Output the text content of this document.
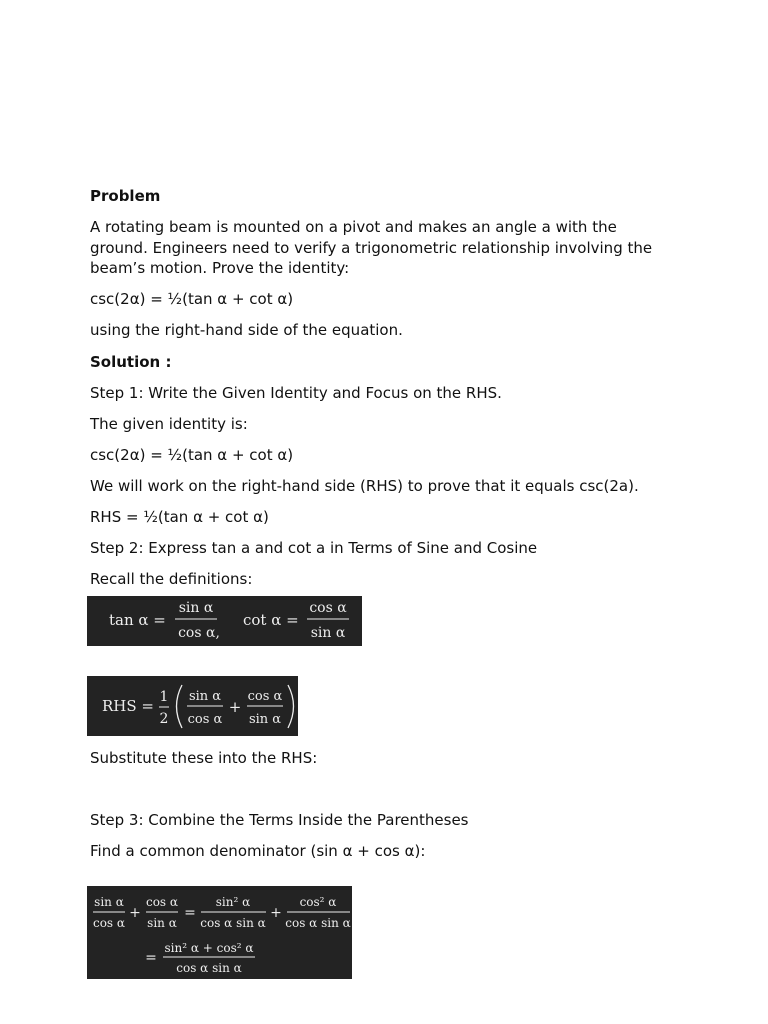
Problem
A rotating beam is mounted on a pivot and makes an angle a with the ground. Engineers need to verify a trigonometric relationship involving the beam’s motion. Prove the identity:
csc(2α) = ½(tan α + cot α)
using the right-hand side of the equation.
Solution :
Step 1: Write the Given Identity and Focus on the RHS.
The given identity is:
csc(2α) = ½(tan α + cot α)
We will work on the right-hand side (RHS) to prove that it equals csc(2a).
RHS = ½(tan α + cot α)
Step 2: Express tan a and cot a in Terms of Sine and Cosine
Recall the definitions:
Substitute these into the RHS:
Step 3: Combine the Terms Inside the Parentheses
Find a common denominator (sin α + cos α):
tan α =
sin α
cos α,
cot α =
cos α
sin α
RHS = 1
2
sin α
cos α
+
cos α
sin α
sin α
cos α
+
cos α
sin α
=
sin² α
cos α sin α
+
cos² α
cos α sin α
=
sin² α + cos² α
cos α sin α
